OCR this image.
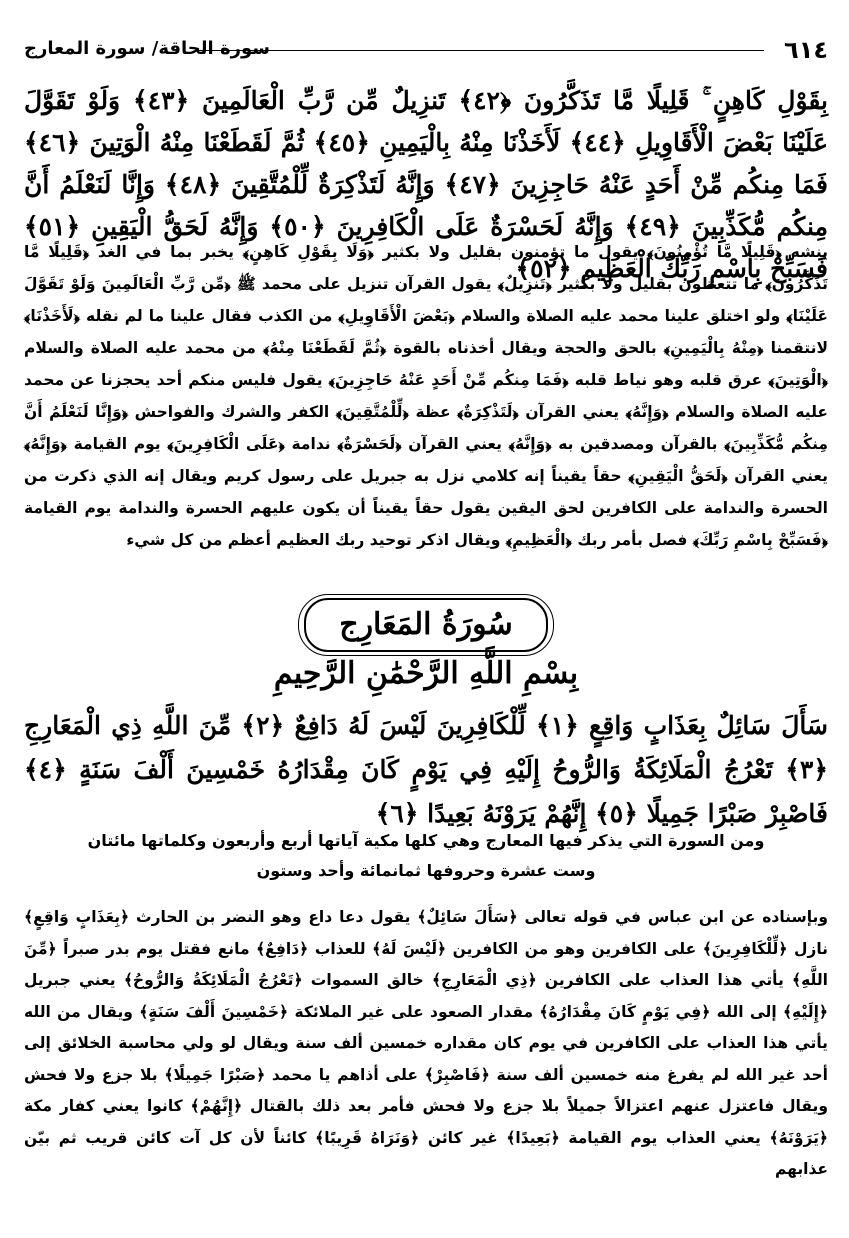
٦١٤
سورة الحاقة/ سورة المعارج
بِقَوْلِ كَاهِنٍ ۚ قَلِيلًا مَّا تَذَكَّرُونَ ﴿٤٢﴾ تَنزِيلٌ مِّن رَّبِّ الْعَالَمِينَ ﴿٤٣﴾ وَلَوْ تَقَوَّلَ عَلَيْنَا بَعْضَ الْأَقَاوِيلِ ﴿٤٤﴾ لَأَخَذْنَا مِنْهُ بِالْيَمِينِ ﴿٤٥﴾ ثُمَّ لَقَطَعْنَا مِنْهُ الْوَتِينَ ﴿٤٦﴾ فَمَا مِنكُم مِّنْ أَحَدٍ عَنْهُ حَاجِزِينَ ﴿٤٧﴾ وَإِنَّهُ لَتَذْكِرَةٌ لِّلْمُتَّقِينَ ﴿٤٨﴾ وَإِنَّا لَنَعْلَمُ أَنَّ مِنكُم مُّكَذِّبِينَ ﴿٤٩﴾ وَإِنَّهُ لَحَسْرَةٌ عَلَى الْكَافِرِينَ ﴿٥٠﴾ وَإِنَّهُ لَحَقُّ الْيَقِينِ ﴿٥١﴾ فَسَبِّحْ بِاسْمِ رَبِّكَ الْعَظِيمِ ﴿٥٢﴾
ينشه ﴿قَلِيلًا مَّا تُؤْمِنُونَ﴾ يقول ما تؤمنون بقليل ولا بكثير ﴿وَلَا بِقَوْلِ كَاهِنٍ﴾ يخبر بما في الغد ﴿قَلِيلًا مَّا تَذَكَّرُونَ﴾ ما تتعظون بقليل ولا بكثير ﴿تَنزِيلٌ﴾ يقول القرآن تنزيل على محمد ﷺ ﴿مِّن رَّبِّ الْعَالَمِينَ وَلَوْ تَقَوَّلَ عَلَيْنَا﴾ ولو اختلق علينا محمد عليه الصلاة والسلام ﴿بَعْضَ الْأَقَاوِيلِ﴾ من الكذب فقال علينا ما لم نقله ﴿لَأَخَذْنَا﴾ لانتقمنا ﴿مِنْهُ بِالْيَمِينِ﴾ بالحق والحجة ويقال أخذناه بالقوة ﴿ثُمَّ لَقَطَعْنَا مِنْهُ﴾ من محمد عليه الصلاة والسلام ﴿الْوَتِينَ﴾ عرق قلبه وهو نياط قلبه ﴿فَمَا مِنكُم مِّنْ أَحَدٍ عَنْهُ حَاجِزِينَ﴾ يقول فليس منكم أحد يحجزنا عن محمد عليه الصلاة والسلام ﴿وَإِنَّهُ﴾ يعني القرآن ﴿لَتَذْكِرَةٌ﴾ عظة ﴿لِّلْمُتَّقِينَ﴾ الكفر والشرك والفواحش ﴿وَإِنَّا لَنَعْلَمُ أَنَّ مِنكُم مُّكَذِّبِينَ﴾ بالقرآن ومصدقين به ﴿وَإِنَّهُ﴾ يعني القرآن ﴿لَحَسْرَةٌ﴾ ندامة ﴿عَلَى الْكَافِرِينَ﴾ يوم القيامة ﴿وَإِنَّهُ﴾ يعني القرآن ﴿لَحَقُّ الْيَقِينِ﴾ حقاً يقيناً إنه كلامي نزل به جبريل على رسول كريم ويقال إنه الذي ذكرت من الحسرة والندامة على الكافرين لحق اليقين يقول حقاً يقيناً أن يكون عليهم الحسرة والندامة يوم القيامة ﴿فَسَبِّحْ بِاسْمِ رَبِّكَ﴾ فصل بأمر ربك ﴿الْعَظِيمِ﴾ ويقال اذكر توحيد ربك العظيم أعظم من كل شيء
سُورَةُ المَعَارِج
بِسْمِ اللَّهِ الرَّحْمَٰنِ الرَّحِيمِ
سَأَلَ سَائِلٌ بِعَذَابٍ وَاقِعٍ ﴿١﴾ لِّلْكَافِرِينَ لَيْسَ لَهُ دَافِعٌ ﴿٢﴾ مِّنَ اللَّهِ ذِي الْمَعَارِجِ ﴿٣﴾ تَعْرُجُ الْمَلَائِكَةُ وَالرُّوحُ إِلَيْهِ فِي يَوْمٍ كَانَ مِقْدَارُهُ خَمْسِينَ أَلْفَ سَنَةٍ ﴿٤﴾ فَاصْبِرْ صَبْرًا جَمِيلًا ﴿٥﴾ إِنَّهُمْ يَرَوْنَهُ بَعِيدًا ﴿٦﴾
ومن السورة التي يذكر فيها المعارج وهي كلها مكية آياتها أربع وأربعون وكلماتها مائتان
وست عشرة وحروفها ثمانمائة وأحد وستون
وبإسناده عن ابن عباس في قوله تعالى ﴿سَأَلَ سَائِلٌ﴾ يقول دعا داع وهو النضر بن الحارث ﴿بِعَذَابٍ وَاقِعٍ﴾ نازل ﴿لِّلْكَافِرِينَ﴾ على الكافرين وهو من الكافرين ﴿لَيْسَ لَهُ﴾ للعذاب ﴿دَافِعٌ﴾ مانع فقتل يوم بدر صبراً ﴿مِّنَ اللَّهِ﴾ يأتي هذا العذاب على الكافرين ﴿ذِي الْمَعَارِجِ﴾ خالق السموات ﴿تَعْرُجُ الْمَلَائِكَةُ وَالرُّوحُ﴾ يعني جبريل ﴿إِلَيْهِ﴾ إلى الله ﴿فِي يَوْمٍ كَانَ مِقْدَارُهُ﴾ مقدار الصعود على غير الملائكة ﴿خَمْسِينَ أَلْفَ سَنَةٍ﴾ ويقال من الله يأتي هذا العذاب على الكافرين في يوم كان مقداره خمسين ألف سنة ويقال لو ولي محاسبة الخلائق إلى أحد غير الله لم يفرغ منه خمسين ألف سنة ﴿فَاصْبِرْ﴾ على أذاهم يا محمد ﴿صَبْرًا جَمِيلًا﴾ بلا جزع ولا فحش ويقال فاعتزل عنهم اعتزالاً جميلاً بلا جزع ولا فحش فأمر بعد ذلك بالقتال ﴿إِنَّهُمْ﴾ كانوا يعني كفار مكة ﴿يَرَوْنَهُ﴾ يعني العذاب يوم القيامة ﴿بَعِيدًا﴾ غير كائن ﴿وَنَرَاهُ قَرِيبًا﴾ كائناً لأن كل آت كائن قريب ثم بيّن عذابهم
